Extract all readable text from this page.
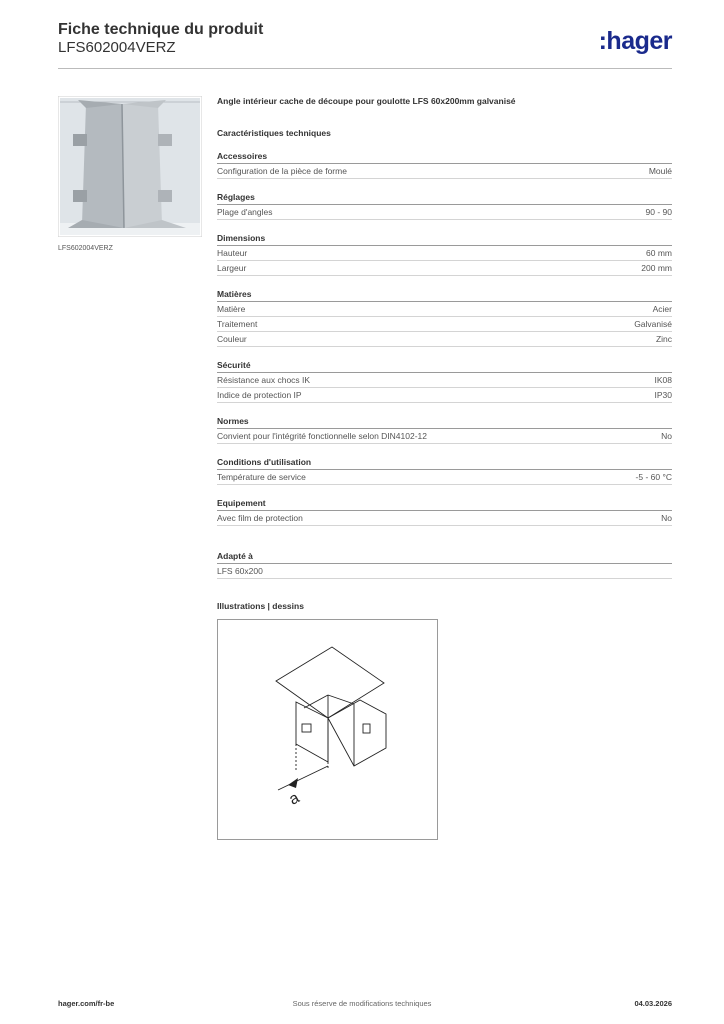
Fiche technique du produit
LFS602004VERZ	:hager
LFS602004VERZ
Angle intérieur cache de découpe pour goulotte LFS 60x200mm galvanisé
Caractéristiques techniques
Accessoires
Configuration de la pièce de forme	Moulé
Réglages
Plage d'angles	90 - 90
Dimensions
Hauteur	60 mm
Largeur	200 mm
Matières
Matière	Acier
Traitement	Galvanisé
Couleur	Zinc
Sécurité
Résistance aux chocs IK	IK08
Indice de protection IP	IP30
Normes
Convient pour l'intégrité fonctionnelle selon DIN4102-12	No
Conditions d'utilisation
Température de service	-5 - 60 °C
Equipement
Avec film de protection	No
Adapté à
LFS 60x200
Illustrations | dessins
a
hager.com/fr-be	Sous réserve de modifications techniques	04.03.2026
